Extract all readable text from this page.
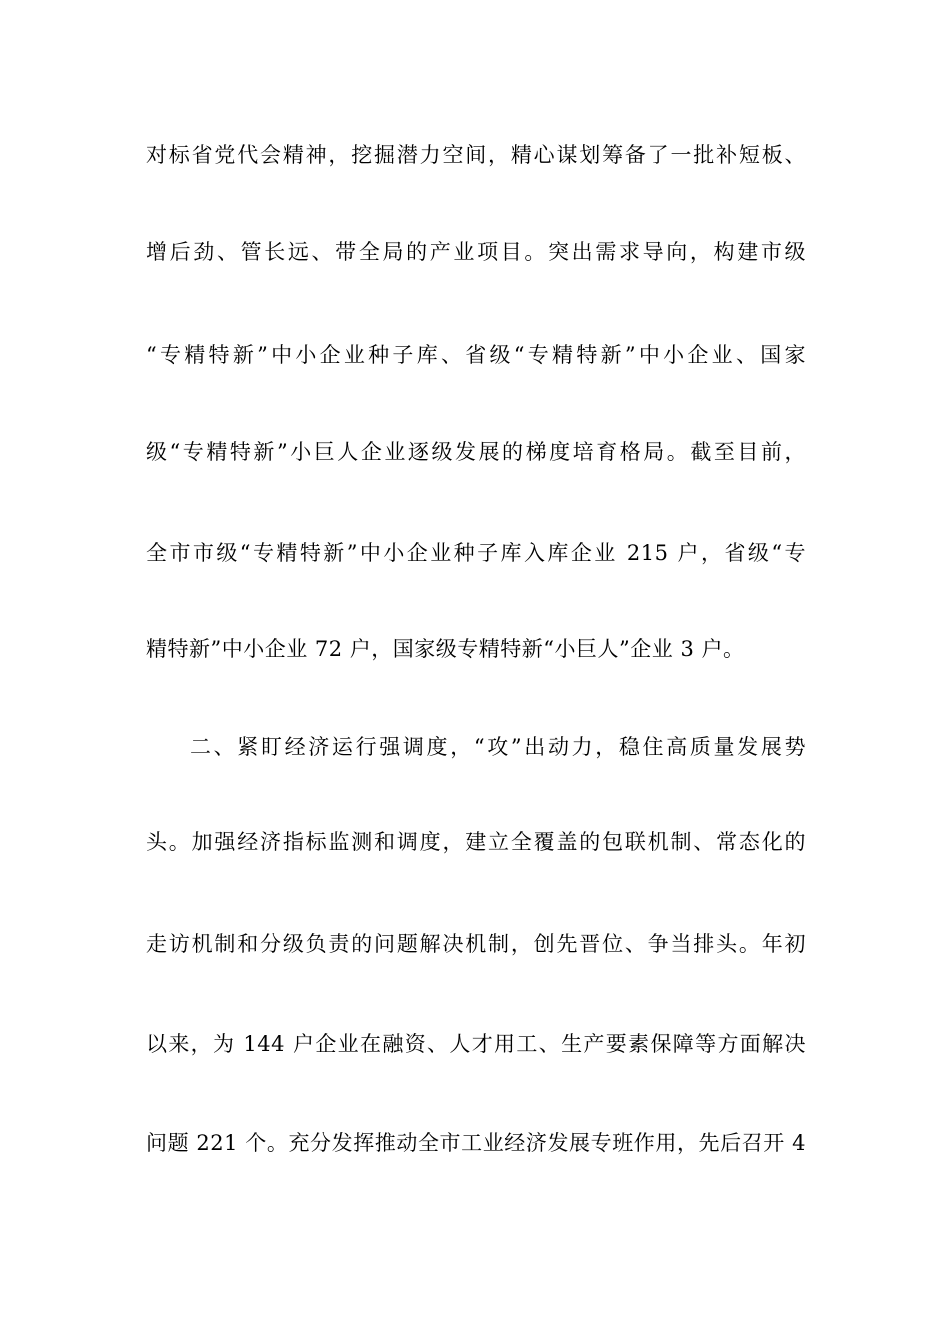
对标省党代会精神，挖掘潜力空间，精心谋划筹备了一批补短板、
增后劲、管长远、带全局的产业项目。突出需求导向，构建市级
“专精特新”中小企业种子库、省级“专精特新”中小企业、国家
级“专精特新”小巨人企业逐级发展的梯度培育格局。截至目前，
全市市级“专精特新”中小企业种子库入库企业 215 户，省级“专
精特新”中小企业 72 户，国家级专精特新“小巨人”企业 3 户。
二、紧盯经济运行强调度，“攻”出动力，稳住高质量发展势
头。加强经济指标监测和调度，建立全覆盖的包联机制、常态化的
走访机制和分级负责的问题解决机制，创先晋位、争当排头。年初
以来，为 144 户企业在融资、人才用工、生产要素保障等方面解决
问题 221 个。充分发挥推动全市工业经济发展专班作用，先后召开 4
